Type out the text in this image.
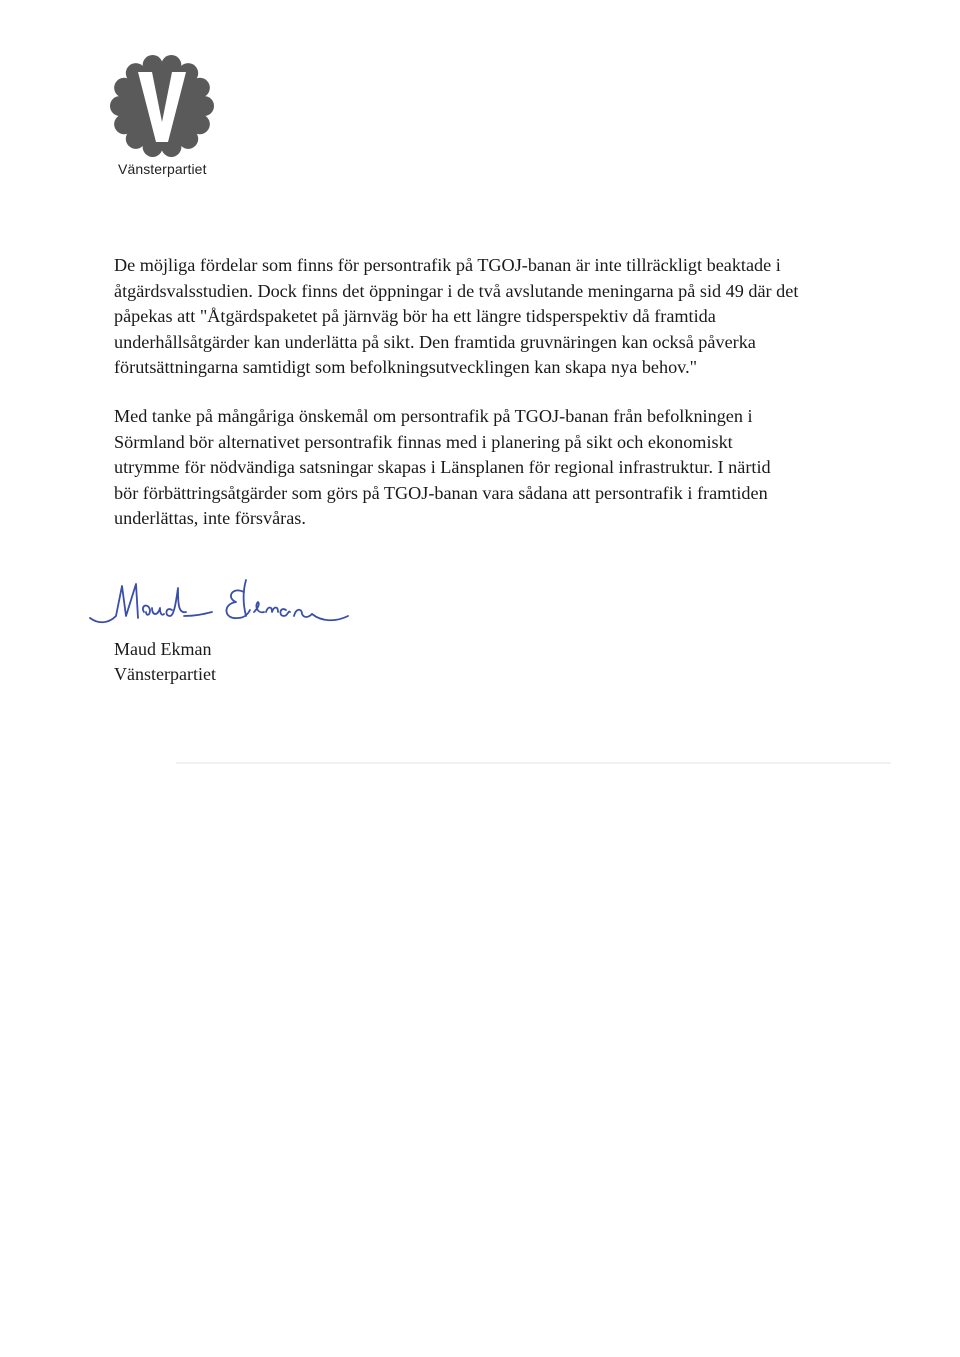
Vänsterpartiet
De möjliga fördelar som finns för persontrafik på TGOJ-banan är inte tillräckligt beaktade i
åtgärdsvalsstudien. Dock finns det öppningar i de två avslutande meningarna på sid 49 där det
påpekas att "Åtgärdspaketet på järnväg bör ha ett längre tidsperspektiv då framtida
underhållsåtgärder kan underlätta på sikt. Den framtida gruvnäringen kan också påverka
förutsättningarna samtidigt som befolkningsutvecklingen kan skapa nya behov."
Med tanke på mångåriga önskemål om persontrafik på TGOJ-banan från befolkningen i
Sörmland bör alternativet persontrafik finnas med i planering på sikt och ekonomiskt
utrymme för nödvändiga satsningar skapas i Länsplanen för regional infrastruktur. I närtid
bör förbättringsåtgärder som görs på TGOJ-banan vara sådana att persontrafik i framtiden
underlättas, inte försvåras.
Maud Ekman
Vänsterpartiet
